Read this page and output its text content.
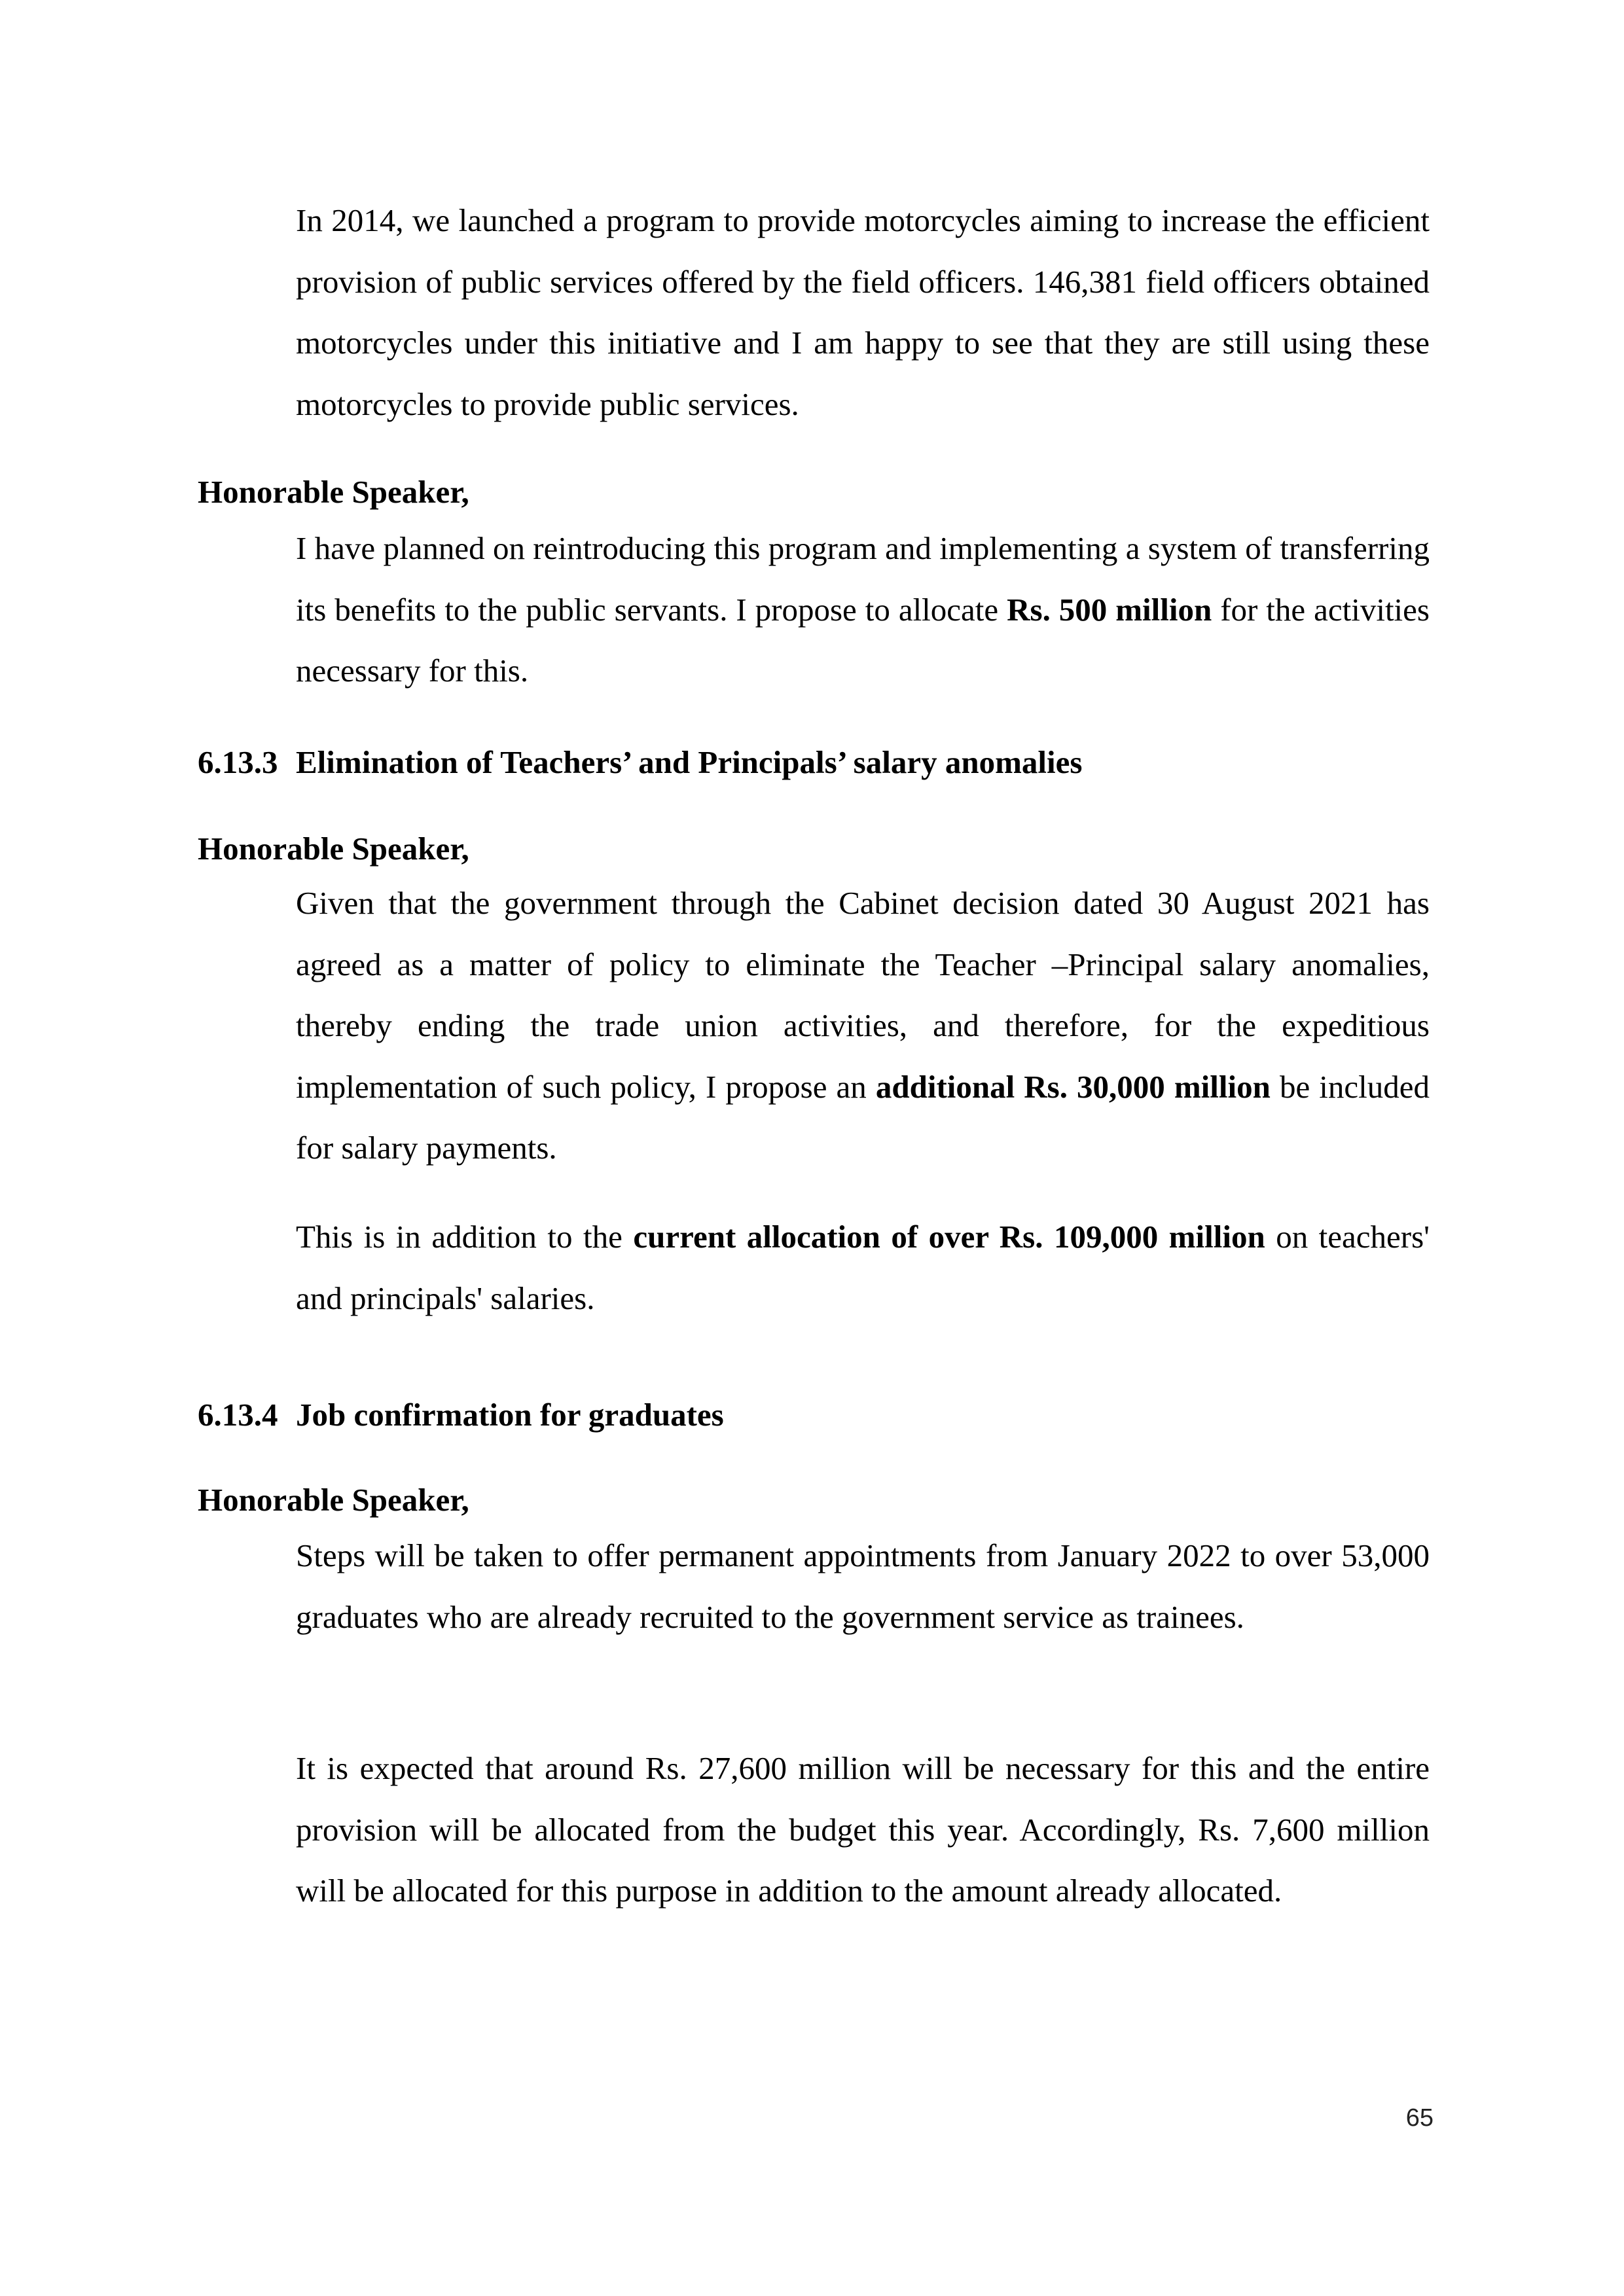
In 2014, we launched a program to provide motorcycles aiming to increase the efficient provision of public services offered by the field officers. 146,381 field officers obtained motorcycles under this initiative and I am happy to see that they are still using these motorcycles to provide public services.

Honorable Speaker,

I have planned on reintroducing this program and implementing a system of transferring its benefits to the public servants. I propose to allocate Rs. 500 million for the activities necessary for this.

6.13.3 Elimination of Teachers’ and Principals’ salary anomalies

Honorable Speaker,

Given that the government through the Cabinet decision dated 30 August 2021 has agreed as a matter of policy to eliminate the Teacher –Principal salary anomalies, thereby ending the trade union activities, and therefore, for the expeditious implementation of such policy, I propose an additional Rs. 30,000 million be included for salary payments.

This is in addition to the current allocation of over Rs. 109,000 million on teachers' and principals' salaries.

6.13.4 Job confirmation for graduates

Honorable Speaker,

Steps will be taken to offer permanent appointments from January 2022 to over 53,000 graduates who are already recruited to the government service as trainees.

It is expected that around Rs. 27,600 million will be necessary for this and the entire provision will be allocated from the budget this year. Accordingly, Rs. 7,600 million will be allocated for this purpose in addition to the amount already allocated.

65
